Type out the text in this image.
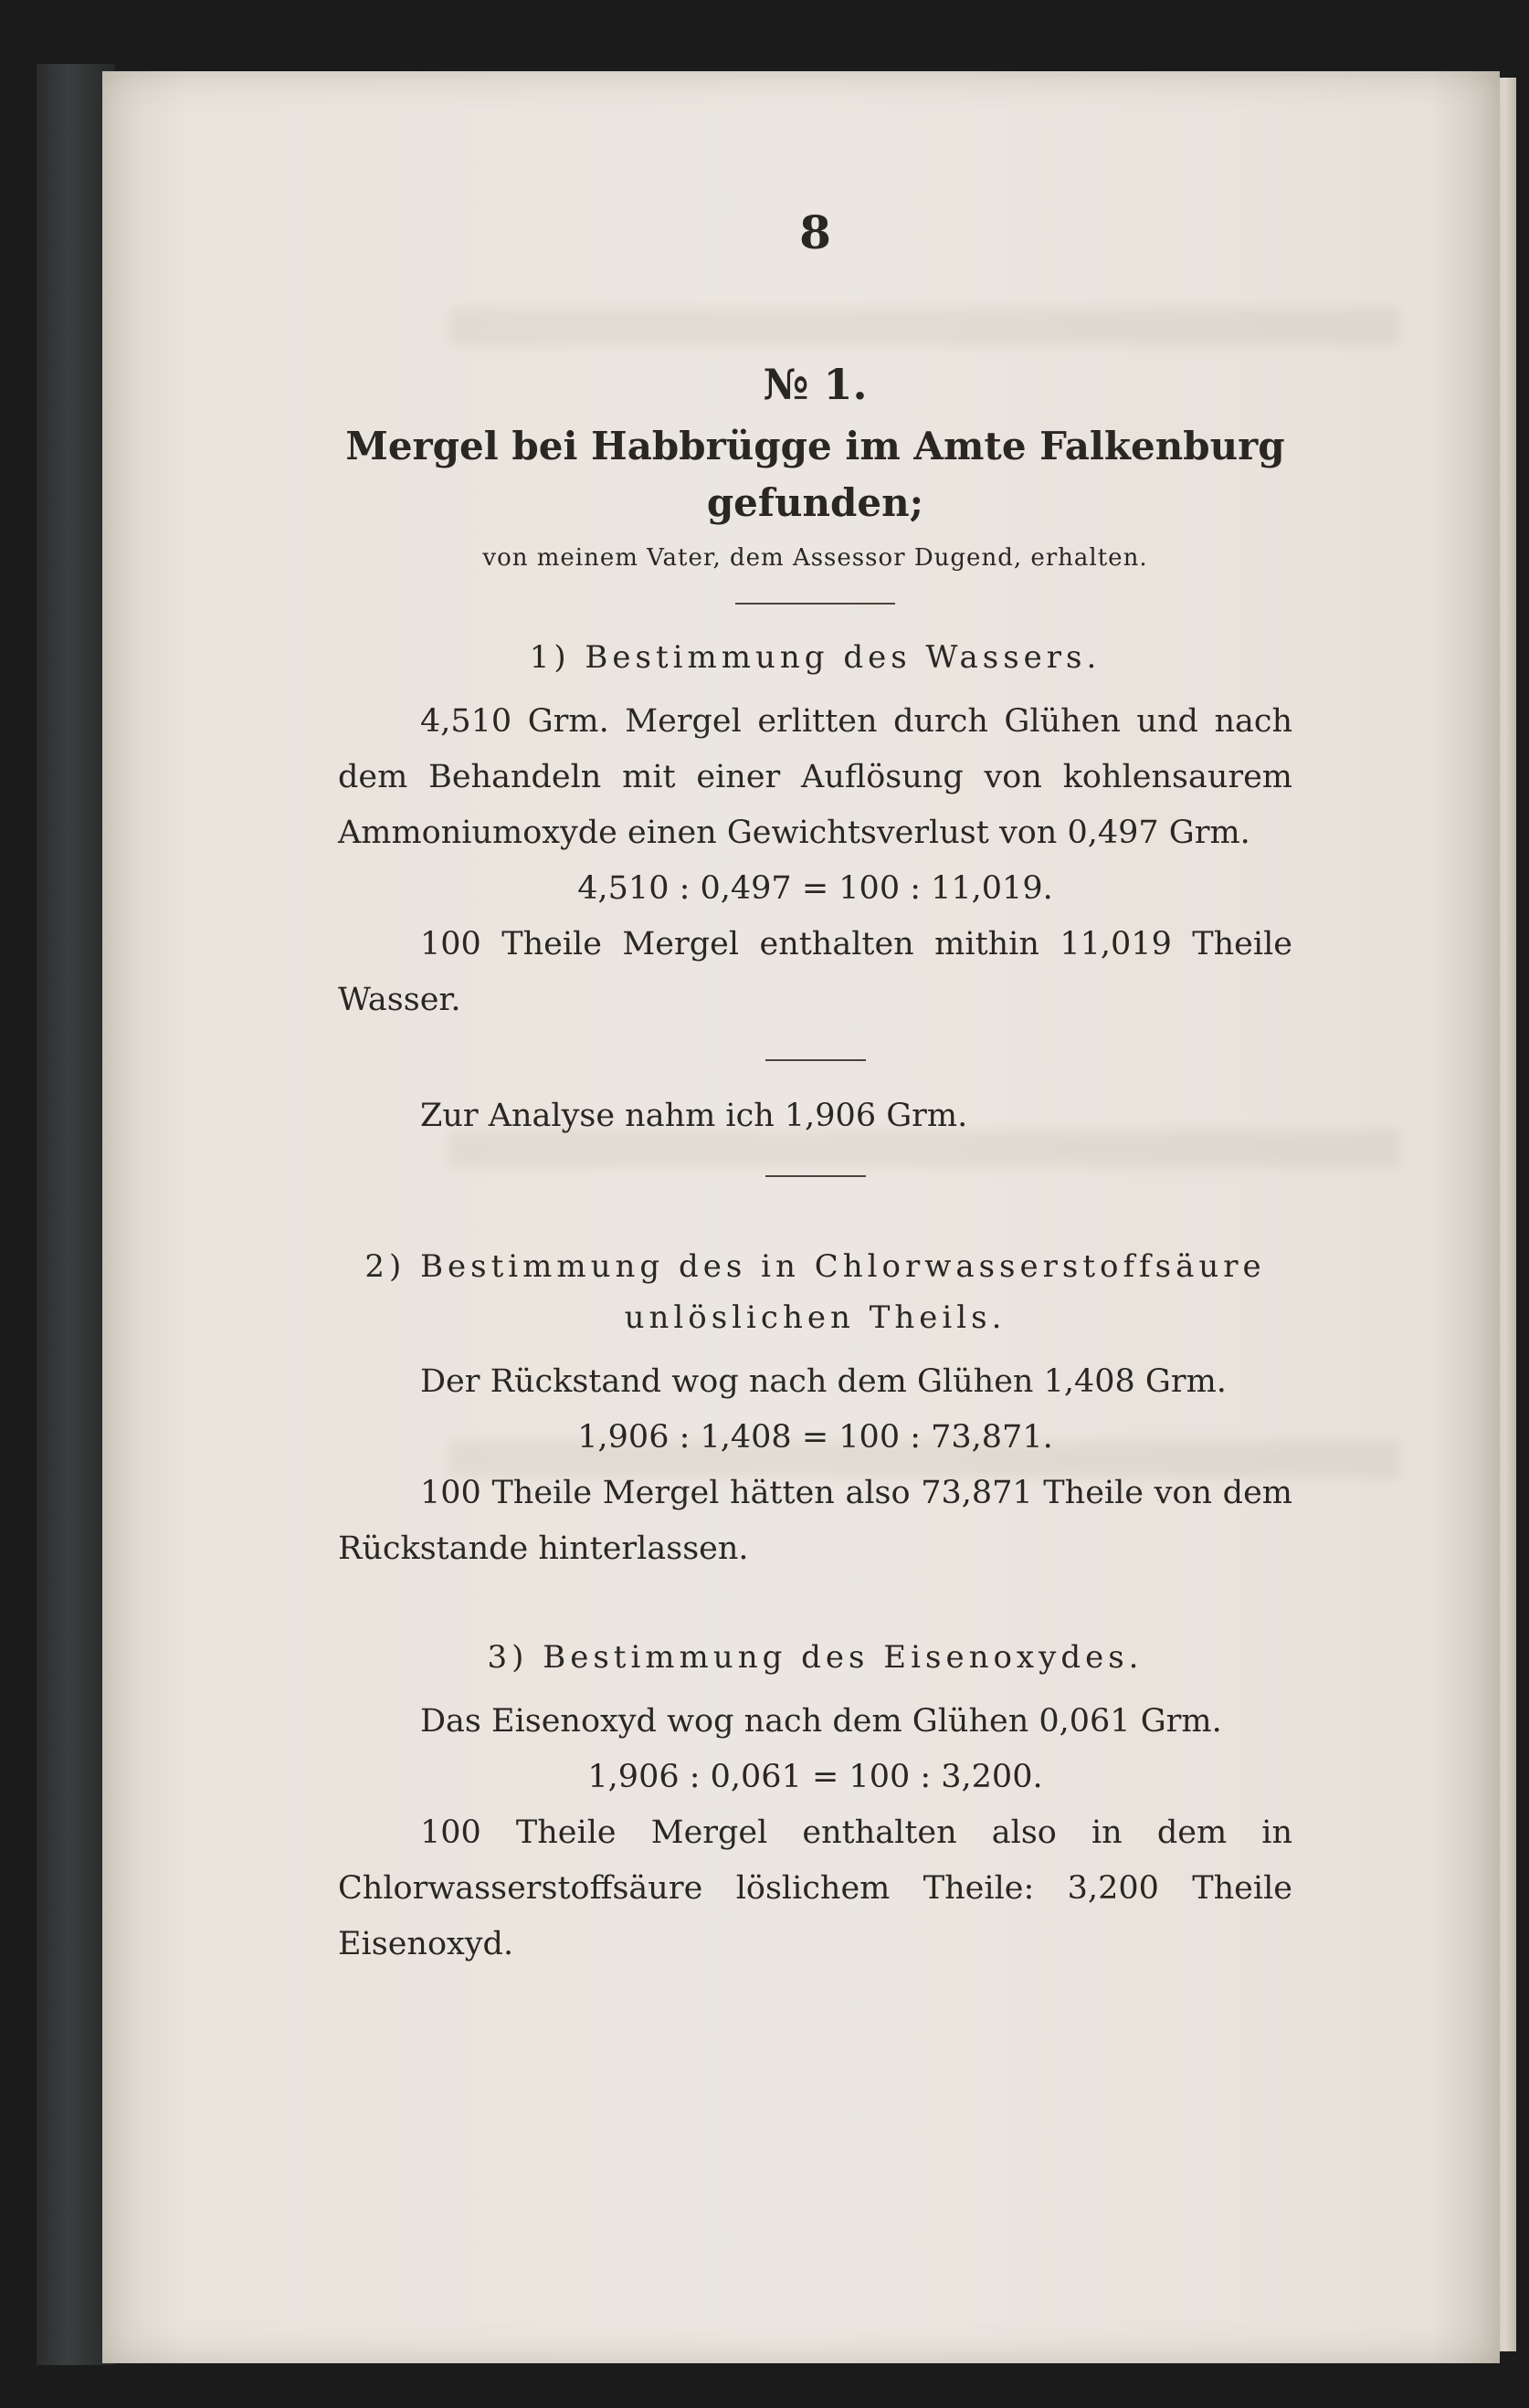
8

№ 1.

Mergel bei Habbrügge im Amte Falkenburg

gefunden;

von meinem Vater, dem Assessor Dugend, erhalten.

1) Bestimmung des Wassers.

4,510 Grm. Mergel erlitten durch Glühen und nach dem Behandeln mit einer Auflösung von kohlensaurem Ammoniumoxyde einen Gewichtsverlust von 0,497 Grm.

4,510 : 0,497 = 100 : 11,019.

100 Theile Mergel enthalten mithin 11,019 Theile Wasser.

Zur Analyse nahm ich 1,906 Grm.

2) Bestimmung des in Chlorwasserstoffsäure

unlöslichen Theils.

Der Rückstand wog nach dem Glühen 1,408 Grm.

1,906 : 1,408 = 100 : 73,871.

100 Theile Mergel hätten also 73,871 Theile von dem Rückstande hinterlassen.

3) Bestimmung des Eisenoxydes.

Das Eisenoxyd wog nach dem Glühen 0,061 Grm.

1,906 : 0,061 = 100 : 3,200.

100 Theile Mergel enthalten also in dem in Chlorwasserstoffsäure löslichem Theile: 3,200 Theile Eisenoxyd.
